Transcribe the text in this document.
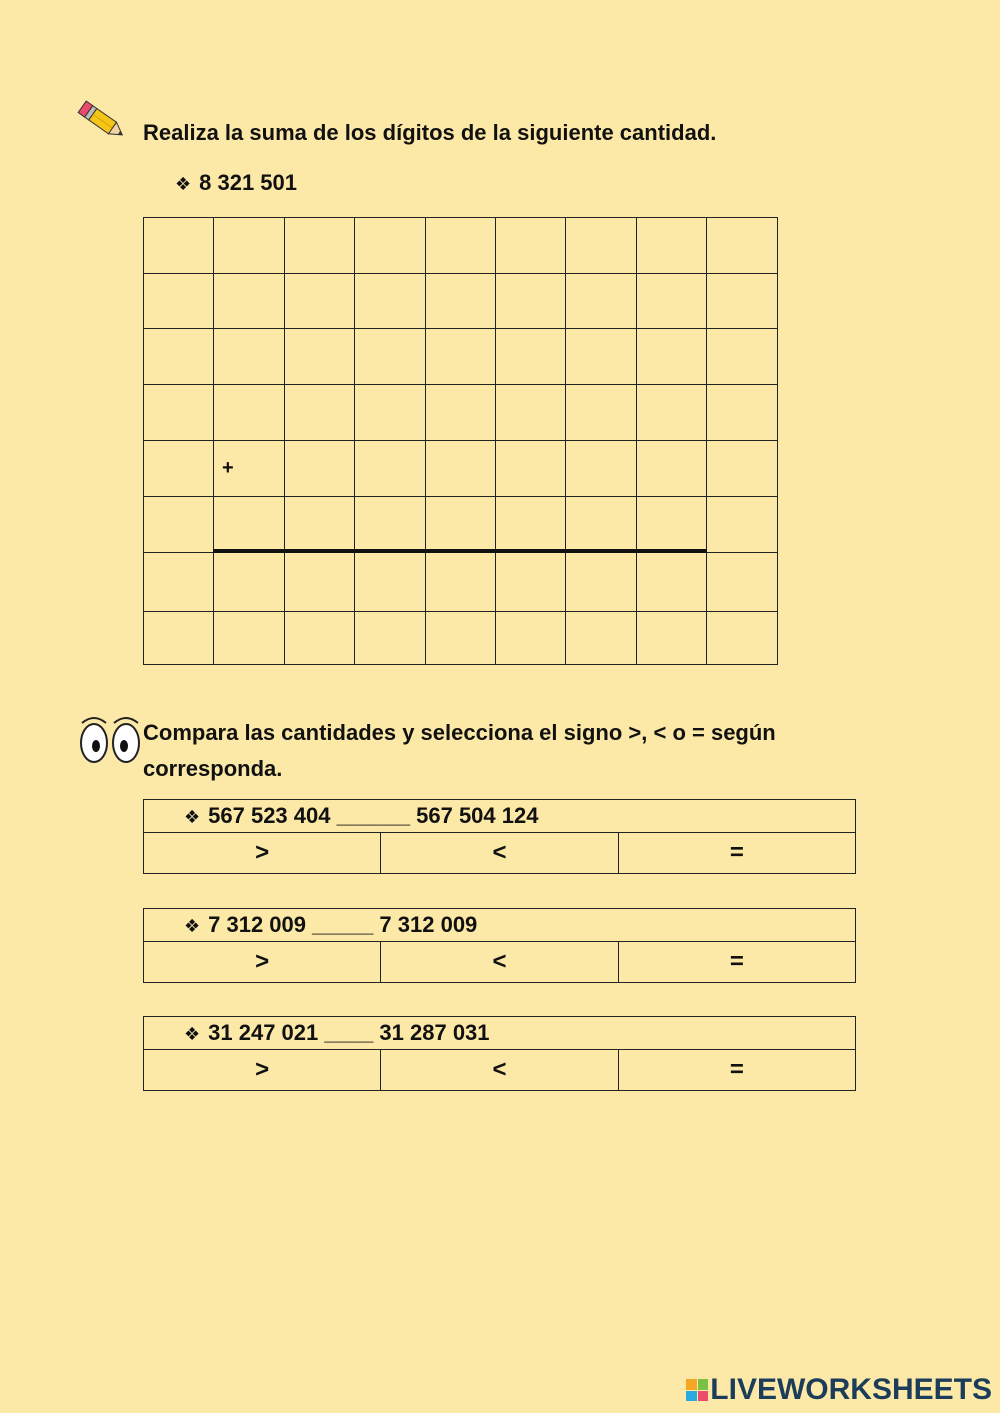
Realiza la suma de los dígitos de la siguiente cantidad.
❖ 8 321 501

	+							

Compara las cantidades y selecciona el signo >, < o = según corresponda.
❖ 567 523 404 ______ 567 504 124
>	<	=
❖ 7 312 009 _____ 7 312 009
>	<	=
❖ 31 247 021 ____ 31 287 031
>	<	=
LIVEWORKSHEETS
